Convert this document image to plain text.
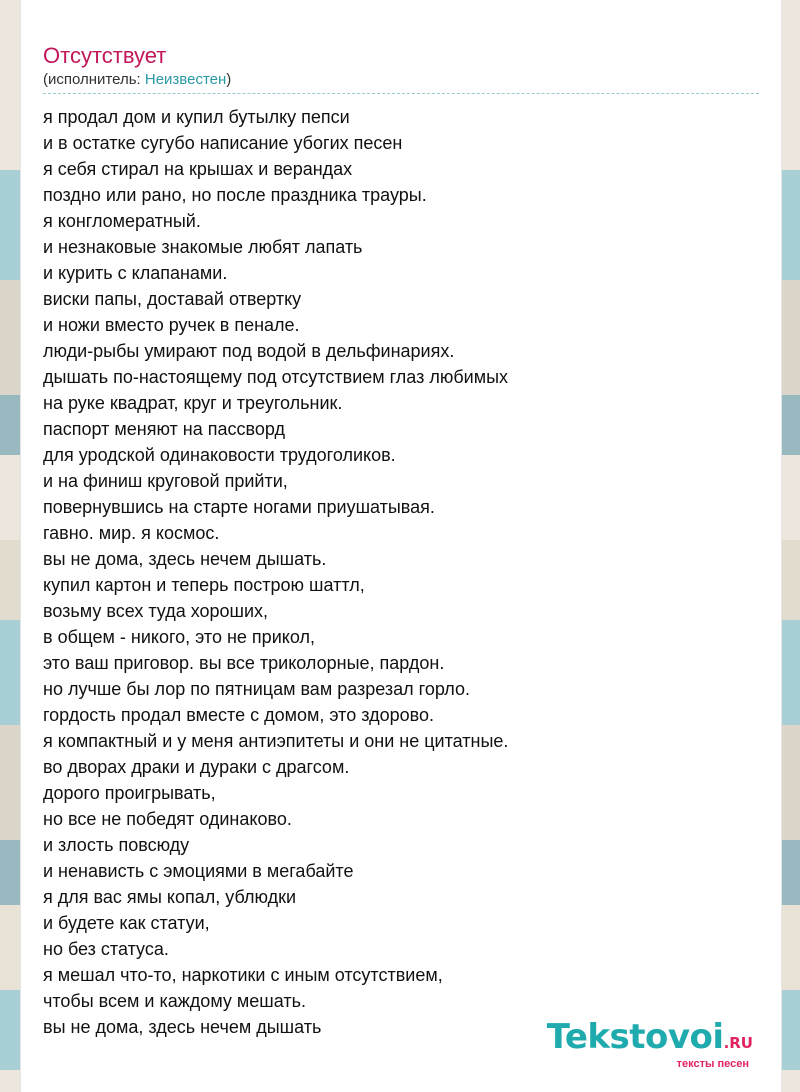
Отсутствует
(исполнитель: Неизвестен)
я продал дом и купил бутылку пепси
и в остатке сугубо написание убогих песен
я себя стирал на крышах и верандах
поздно или рано, но после праздника трауры.
я конгломератный.
и незнаковые знакомые любят лапать
и курить с клапанами.
виски папы, доставай отвертку
и ножи вместо ручек в пенале.
люди-рыбы умирают под водой в дельфинариях.
дышать по-настоящему под отсутствием глаз любимых
на руке квадрат, круг и треугольник.
паспорт меняют на пассворд
для уродской одинаковости трудоголиков.
и на финиш круговой прийти,
повернувшись на старте ногами приушатывая.
гавно. мир. я космос.
вы не дома, здесь нечем дышать.
купил картон и теперь построю шаттл,
возьму всех туда хороших,
в общем - никого, это не прикол,
это ваш приговор. вы все триколорные, пардон.
но лучше бы лор по пятницам вам разрезал горло.
гордость продал вместе с домом, это здорово.
я компактный и у меня антиэпитеты и они не цитатные.
во дворах драки и дураки с драгсом.
дорого проигрывать,
но все не победят одинаково.
и злость повсюду
и ненависть с эмоциями в мегабайте
я для вас ямы копал, ублюдки
и будете как статуи,
но без статуса.
я мешал что-то, наркотики с иным отсутствием,
чтобы всем и каждому мешать.
вы не дома, здесь нечем дышать	Tekstovoi.RU
тексты песен
